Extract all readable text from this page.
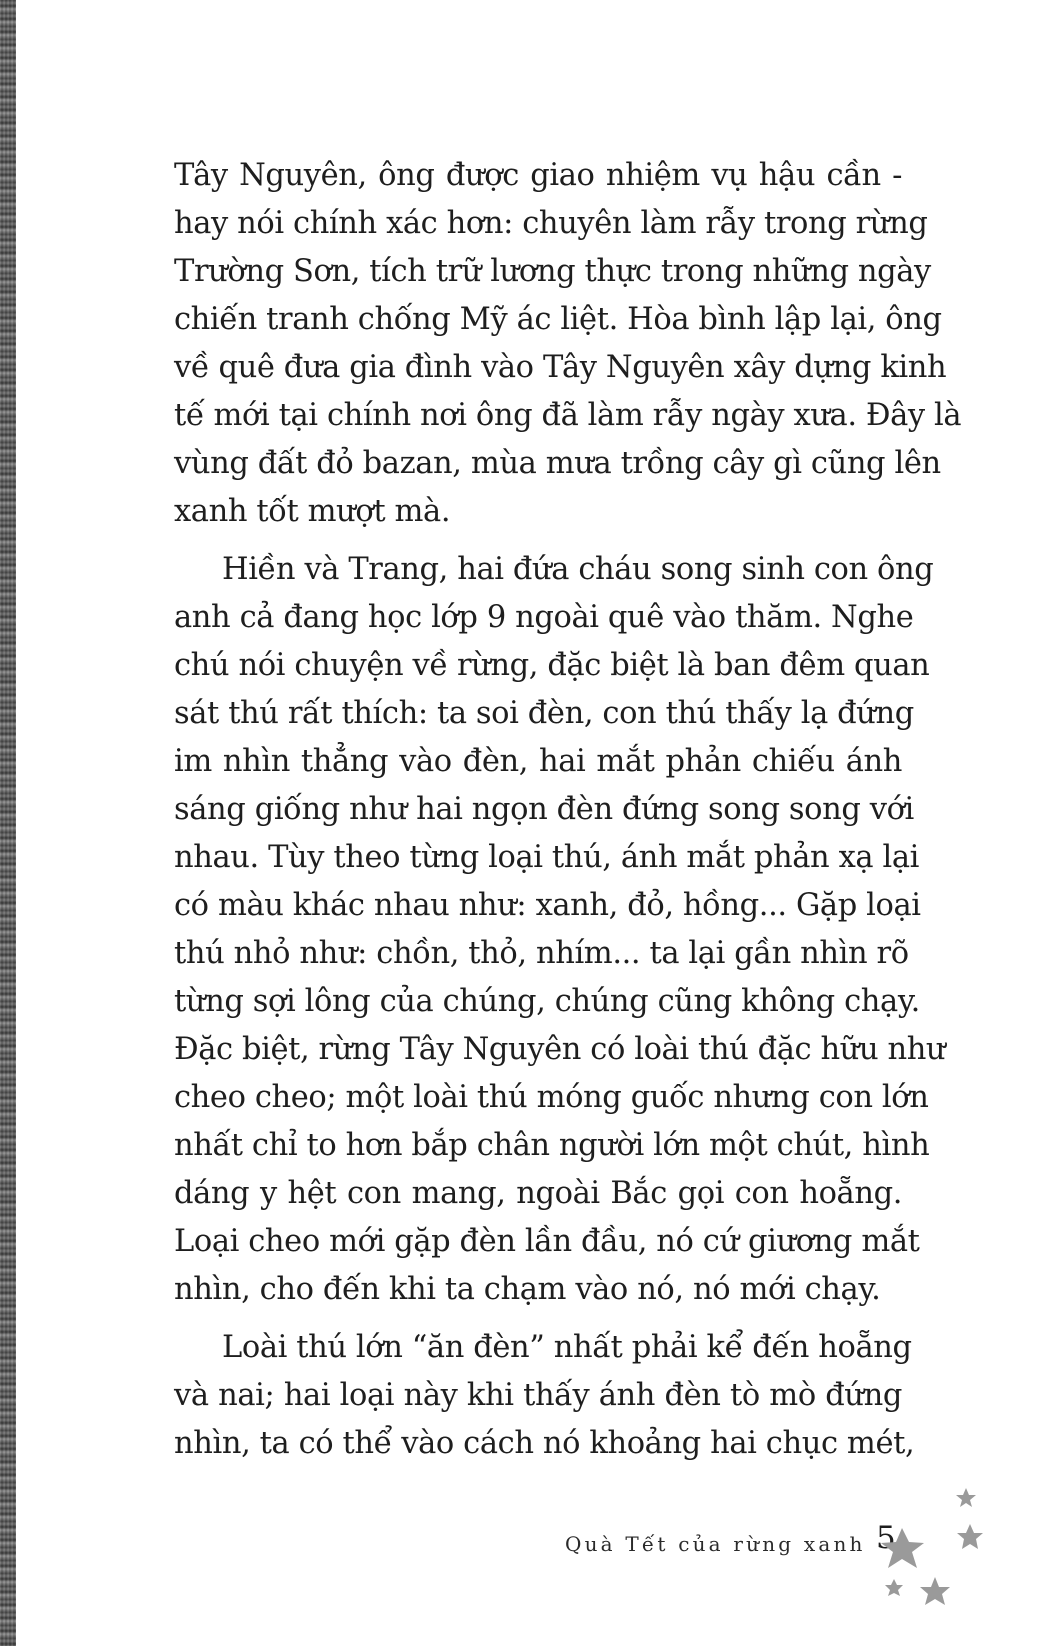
Tây Nguyên, ông được giao nhiệm vụ hậu cần -
hay nói chính xác hơn: chuyên làm rẫy trong rừng
Trường Sơn, tích trữ lương thực trong những ngày
chiến tranh chống Mỹ ác liệt. Hòa bình lập lại, ông
về quê đưa gia đình vào Tây Nguyên xây dựng kinh
tế mới tại chính nơi ông đã làm rẫy ngày xưa. Đây là
vùng đất đỏ bazan, mùa mưa trồng cây gì cũng lên
xanh tốt mượt mà.
Hiền và Trang, hai đứa cháu song sinh con ông
anh cả đang học lớp 9 ngoài quê vào thăm. Nghe
chú nói chuyện về rừng, đặc biệt là ban đêm quan
sát thú rất thích: ta soi đèn, con thú thấy lạ đứng
im nhìn thẳng vào đèn, hai mắt phản chiếu ánh
sáng giống như hai ngọn đèn đứng song song với
nhau. Tùy theo từng loại thú, ánh mắt phản xạ lại
có màu khác nhau như: xanh, đỏ, hồng... Gặp loại
thú nhỏ như: chồn, thỏ, nhím... ta lại gần nhìn rõ
từng sợi lông của chúng, chúng cũng không chạy.
Đặc biệt, rừng Tây Nguyên có loài thú đặc hữu như
cheo cheo; một loài thú móng guốc nhưng con lớn
nhất chỉ to hơn bắp chân người lớn một chút, hình
dáng y hệt con mang, ngoài Bắc gọi con hoẵng.
Loại cheo mới gặp đèn lần đầu, nó cứ giương mắt
nhìn, cho đến khi ta chạm vào nó, nó mới chạy.
Loài thú lớn “ăn đèn” nhất phải kể đến hoẵng
và nai; hai loại này khi thấy ánh đèn tò mò đứng
nhìn, ta có thể vào cách nó khoảng hai chục mét,
Quà Tết của rừng xanh 5
